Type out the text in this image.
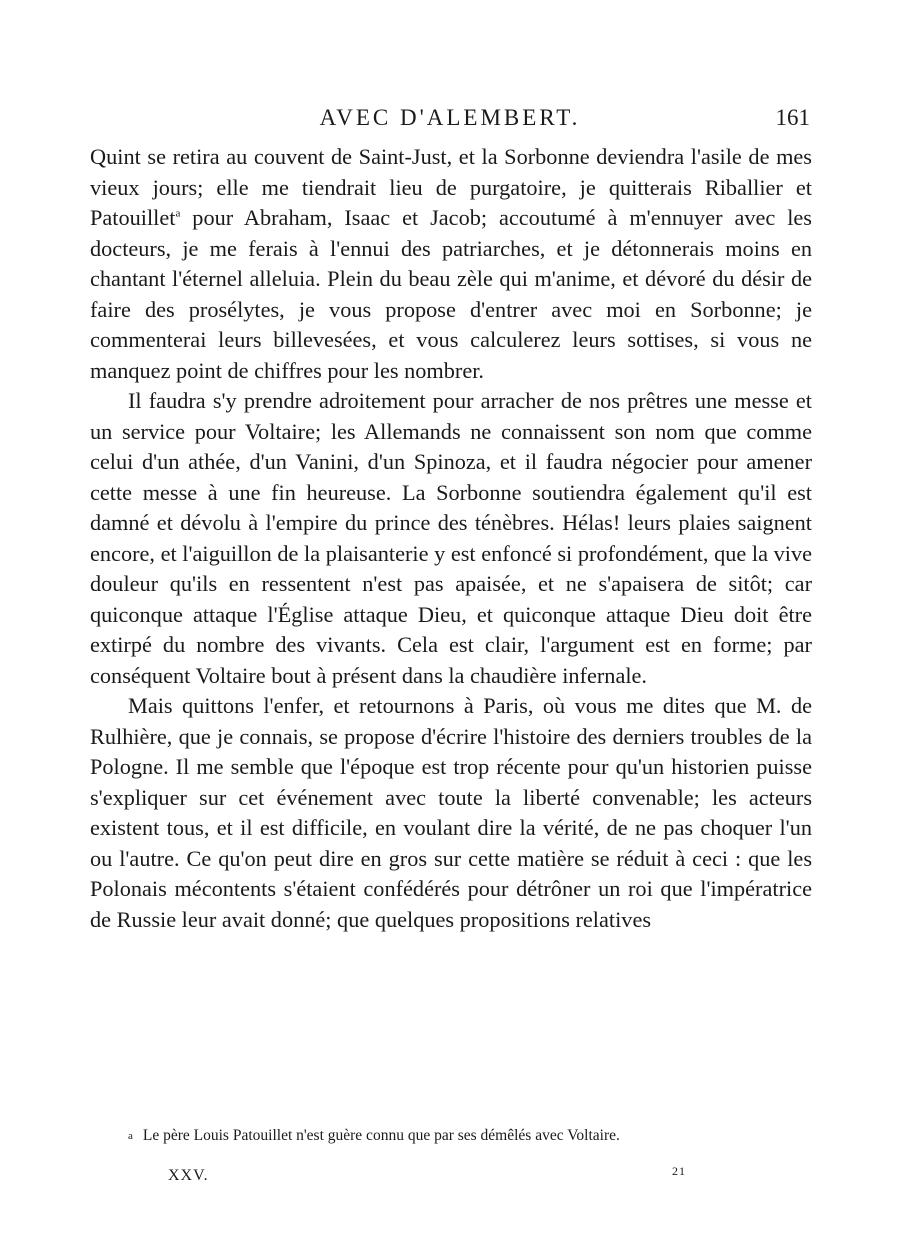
AVEC D'ALEMBERT.	161

Quint se retira au couvent de Saint-Just, et la Sorbonne deviendra l'asile de mes vieux jours; elle me tiendrait lieu de purgatoire, je quitterais Riballier et Patouillet$^a$ pour Abraham, Isaac et Jacob; accoutumé à m'ennuyer avec les docteurs, je me ferais à l'ennui des patriarches, et je détonnerais moins en chantant l'éternel alleluia. Plein du beau zèle qui m'anime, et dévoré du désir de faire des prosélytes, je vous propose d'entrer avec moi en Sorbonne; je commenterai leurs billevesées, et vous calculerez leurs sottises, si vous ne manquez point de chiffres pour les nombrer.

Il faudra s'y prendre adroitement pour arracher de nos prêtres une messe et un service pour Voltaire; les Allemands ne connaissent son nom que comme celui d'un athée, d'un Vanini, d'un Spinoza, et il faudra négocier pour amener cette messe à une fin heureuse. La Sorbonne soutiendra également qu'il est damné et dévolu à l'empire du prince des ténèbres. Hélas! leurs plaies saignent encore, et l'aiguillon de la plaisanterie y est enfoncé si profondément, que la vive douleur qu'ils en ressentent n'est pas apaisée, et ne s'apaisera de sitôt; car quiconque attaque l'Église attaque Dieu, et quiconque attaque Dieu doit être extirpé du nombre des vivants. Cela est clair, l'argument est en forme; par conséquent Voltaire bout à présent dans la chaudière infernale.

Mais quittons l'enfer, et retournons à Paris, où vous me dites que M. de Rulhière, que je connais, se propose d'écrire l'histoire des derniers troubles de la Pologne. Il me semble que l'époque est trop récente pour qu'un historien puisse s'expliquer sur cet événement avec toute la liberté convenable; les acteurs existent tous, et il est difficile, en voulant dire la vérité, de ne pas choquer l'un ou l'autre. Ce qu'on peut dire en gros sur cette matière se réduit à ceci : que les Polonais mécontents s'étaient confédérés pour détrôner un roi que l'impératrice de Russie leur avait donné; que quelques propositions relatives

a Le père Louis Patouillet n'est guère connu que par ses démêlés avec Voltaire.
XXV.	21
